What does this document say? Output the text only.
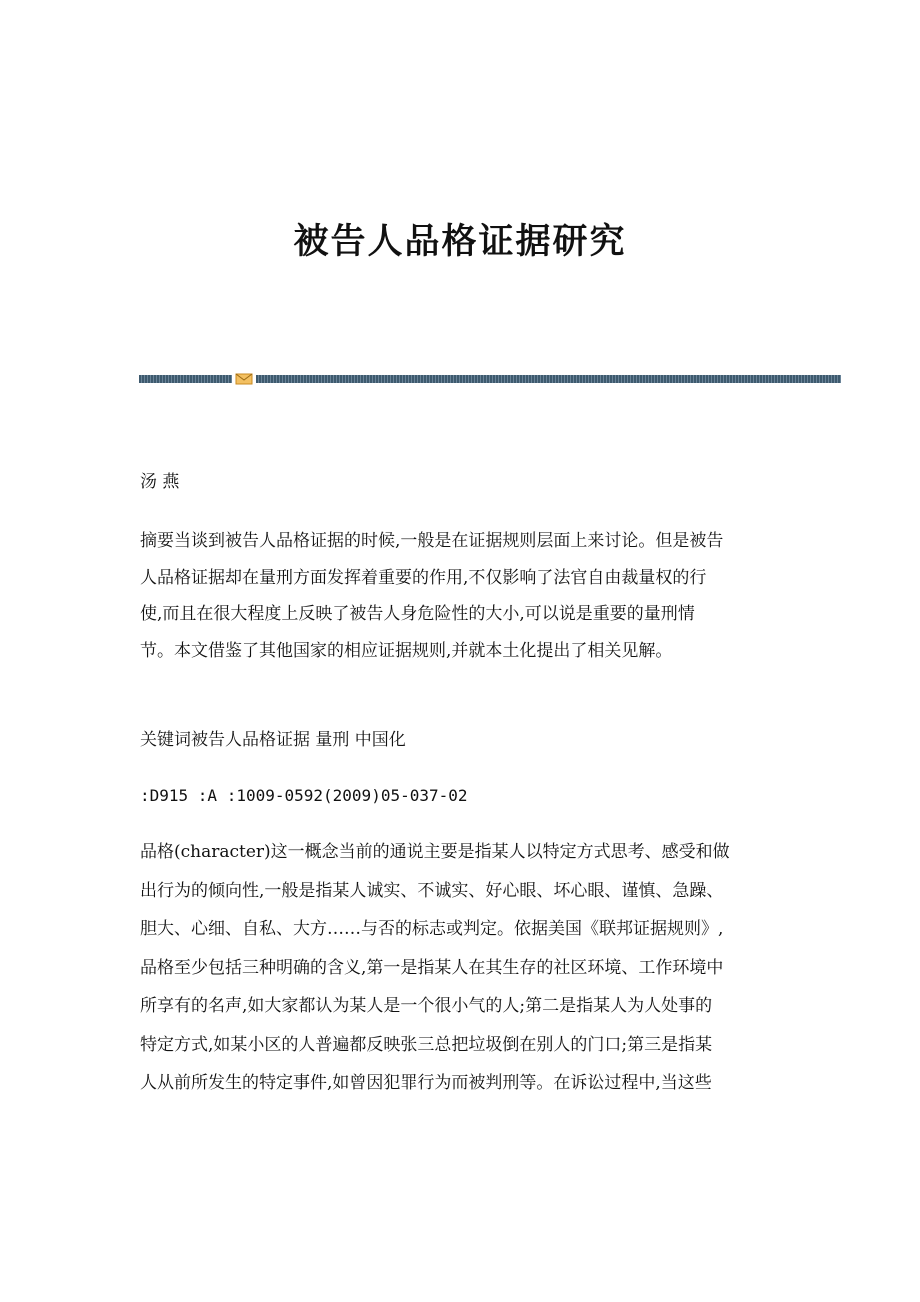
被告人品格证据研究

汤 燕

摘要当谈到被告人品格证据的时候,一般是在证据规则层面上来讨论。但是被告
人品格证据却在量刑方面发挥着重要的作用,不仅影响了法官自由裁量权的行
使,而且在很大程度上反映了被告人身危险性的大小,可以说是重要的量刑情
节。本文借鉴了其他国家的相应证据规则,并就本土化提出了相关见解。

关键词被告人品格证据 量刑 中国化

:D915 :A :1009-0592(2009)05-037-02

品格(character)这一概念当前的通说主要是指某人以特定方式思考、感受和做
出行为的倾向性,一般是指某人诚实、不诚实、好心眼、坏心眼、谨慎、急躁、
胆大、心细、自私、大方……与否的标志或判定。依据美国《联邦证据规则》,
品格至少包括三种明确的含义,第一是指某人在其生存的社区环境、工作环境中
所享有的名声,如大家都认为某人是一个很小气的人;第二是指某人为人处事的
特定方式,如某小区的人普遍都反映张三总把垃圾倒在别人的门口;第三是指某
人从前所发生的特定事件,如曾因犯罪行为而被判刑等。在诉讼过程中,当这些
